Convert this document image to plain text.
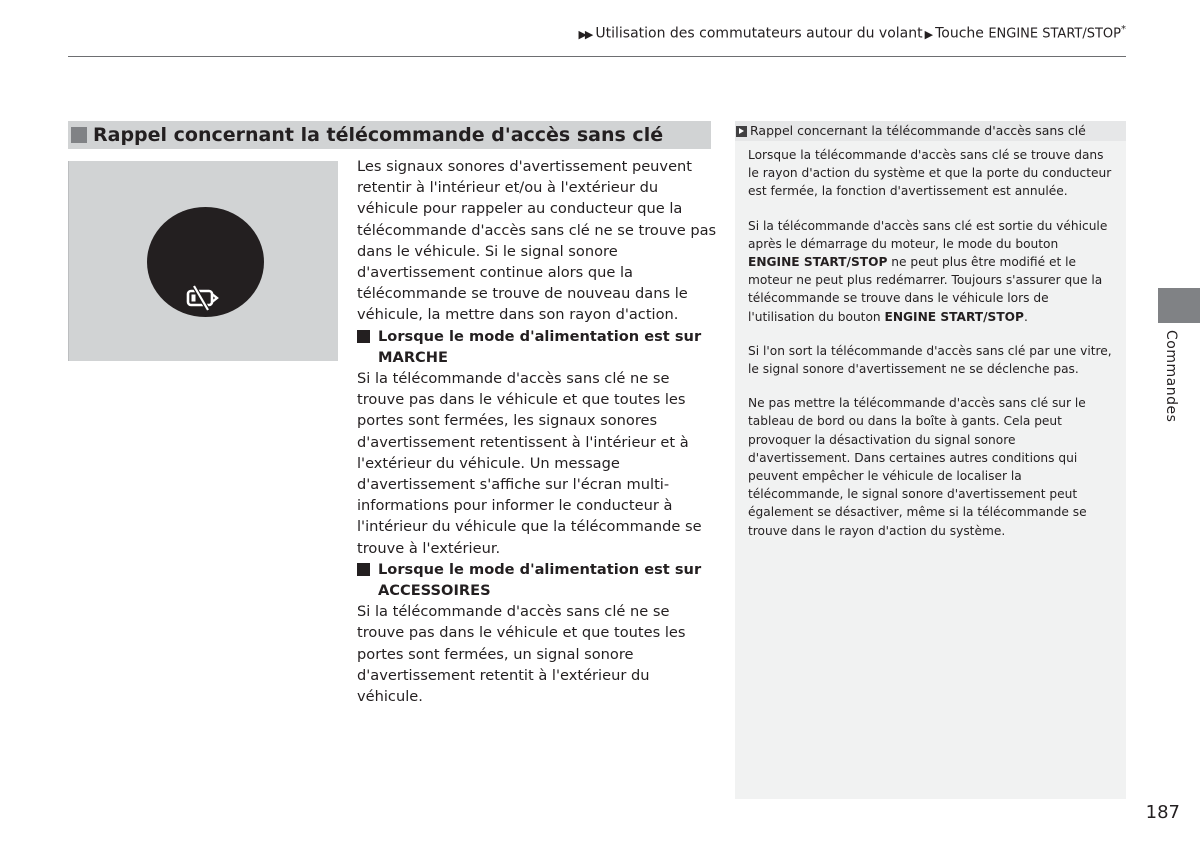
▶▶ Utilisation des commutateurs autour du volant ▶ Touche ENGINE START/STOP*
Rappel concernant la télécommande d'accès sans clé

Les signaux sonores d'avertissement peuvent retentir à l'intérieur et/ou à l'extérieur du véhicule pour rappeler au conducteur que la télécommande d'accès sans clé ne se trouve pas dans le véhicule. Si le signal sonore d'avertissement continue alors que la télécommande se trouve de nouveau dans le véhicule, la mettre dans son rayon d'action.

Lorsque le mode d'alimentation est sur MARCHE

Si la télécommande d'accès sans clé ne se trouve pas dans le véhicule et que toutes les portes sont fermées, les signaux sonores d'avertissement retentissent à l'intérieur et à l'extérieur du véhicule. Un message d'avertissement s'affiche sur l'écran multi-informations pour informer le conducteur à l'intérieur du véhicule que la télécommande se trouve à l'extérieur.

Lorsque le mode d'alimentation est sur ACCESSOIRES

Si la télécommande d'accès sans clé ne se trouve pas dans le véhicule et que toutes les portes sont fermées, un signal sonore d'avertissement retentit à l'extérieur du véhicule.

Rappel concernant la télécommande d'accès sans clé

Lorsque la télécommande d'accès sans clé se trouve dans le rayon d'action du système et que la porte du conducteur est fermée, la fonction d'avertissement est annulée.

Si la télécommande d'accès sans clé est sortie du véhicule après le démarrage du moteur, le mode du bouton ENGINE START/STOP ne peut plus être modifié et le moteur ne peut plus redémarrer. Toujours s'assurer que la télécommande se trouve dans le véhicule lors de l'utilisation du bouton ENGINE START/STOP.

Si l'on sort la télécommande d'accès sans clé par une vitre, le signal sonore d'avertissement ne se déclenche pas.

Ne pas mettre la télécommande d'accès sans clé sur le tableau de bord ou dans la boîte à gants. Cela peut provoquer la désactivation du signal sonore d'avertissement. Dans certaines autres conditions qui peuvent empêcher le véhicule de localiser la télécommande, le signal sonore d'avertissement peut également se désactiver, même si la télécommande se trouve dans le rayon d'action du système.

Commandes
187
